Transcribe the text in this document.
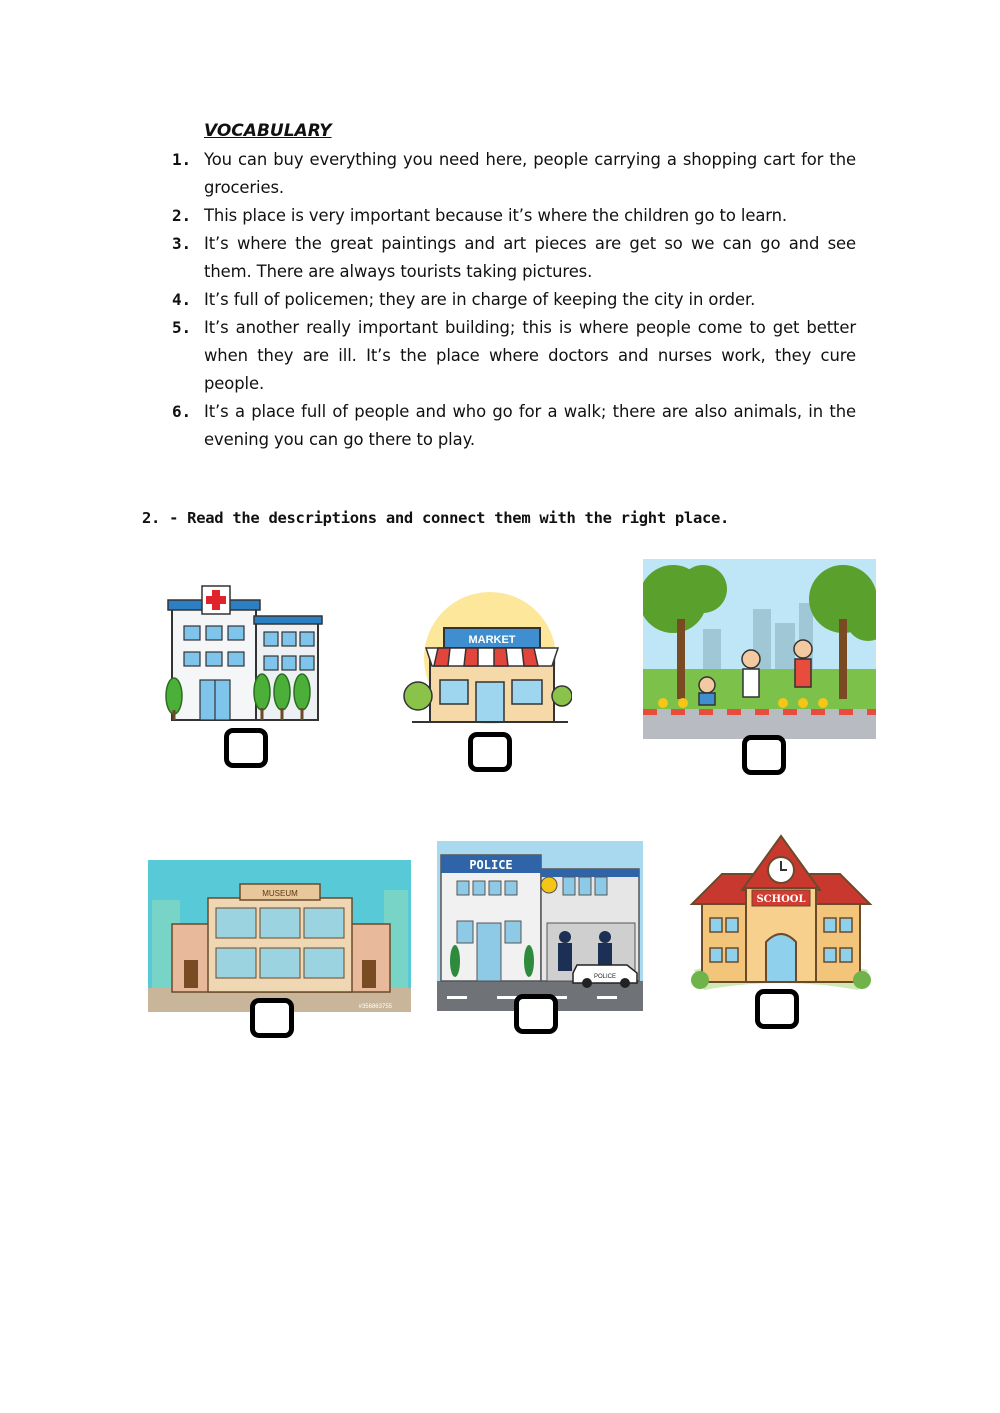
VOCABULARY
1. You can buy everything you need here, people carrying a shopping cart for the groceries.
2. This place is very important because it’s where the children go to learn.
3. It’s where the great paintings and art pieces are get so we can go and see them. There are always tourists taking pictures.
4. It’s full of policemen; they are in charge of keeping the city in order.
5. It’s another really important building; this is where people come to get better when they are ill. It’s the place where doctors and nurses work, they cure people.
6. It’s a place full of people and who go for a walk; there are also animals, in the evening you can go there to play.
2. - Read the descriptions and connect them with the right place.
MARKET
MUSEUM
#356863755
POLICE
POLICE
SCHOOL
